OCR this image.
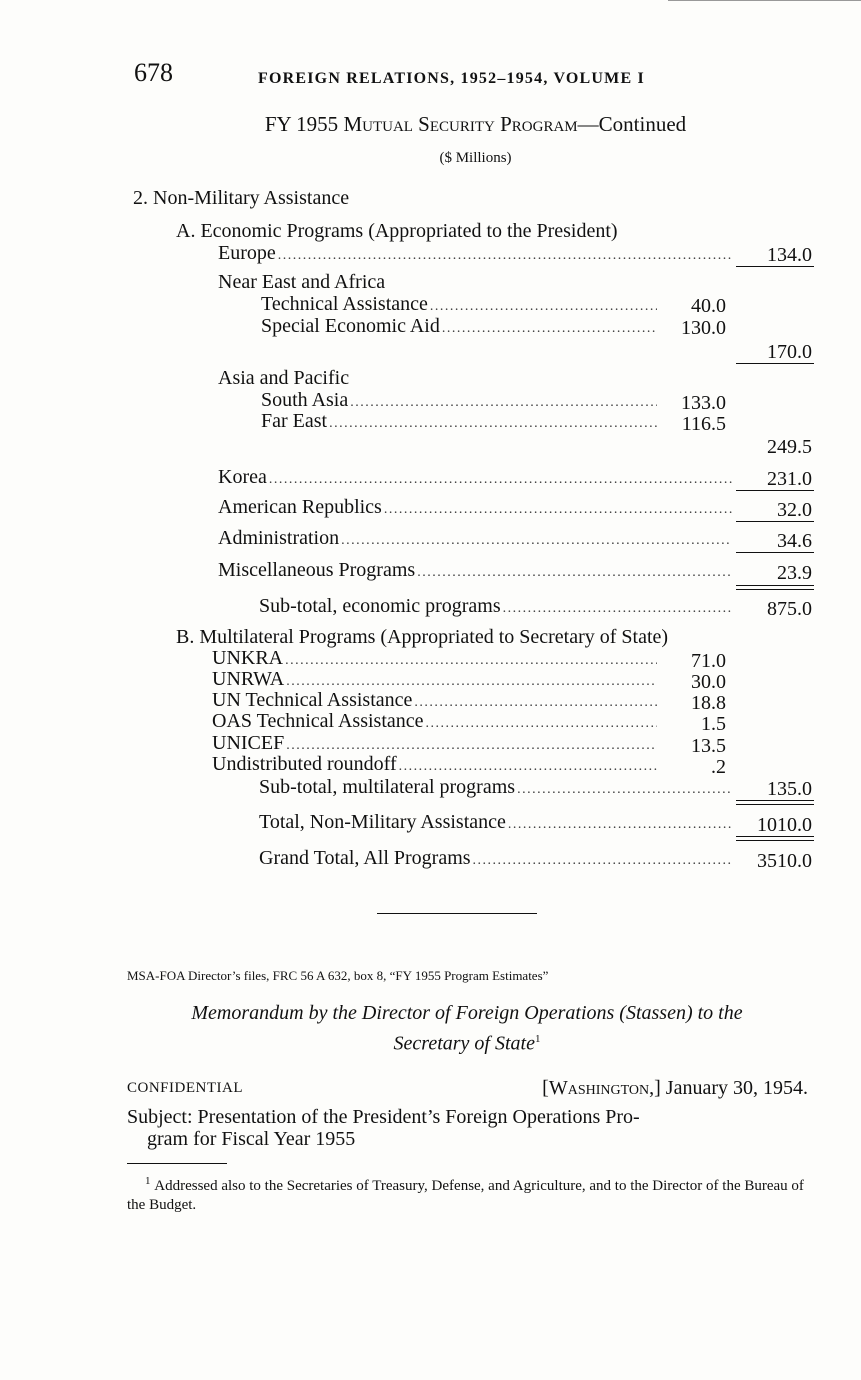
678	FOREIGN RELATIONS, 1952–1954, VOLUME I
FY 1955 Mutual Security Program—Continued
($ Millions)
2. Non-Military Assistance
A. Economic Programs (Appropriated to the President)
Europe .....	134.0
Near East and Africa
Technical Assistance .....	40.0
Special Economic Aid .....	130.0
170.0
Asia and Pacific
South Asia .....	133.0
Far East .....	116.5
249.5
Korea .....	231.0
American Republics .....	32.0
Administration .....	34.6
Miscellaneous Programs .....	23.9
Sub-total, economic programs .....	875.0
B. Multilateral Programs (Appropriated to Secretary of State)
UNKRA .....	71.0
UNRWA .....	30.0
UN Technical Assistance .....	18.8
OAS Technical Assistance .....	1.5
UNICEF .....	13.5
Undistributed roundoff .....	.2
Sub-total, multilateral programs .....	135.0
Total, Non-Military Assistance .....	1010.0
Grand Total, All Programs .....	3510.0
MSA-FOA Director’s files, FRC 56 A 632, box 8, “FY 1955 Program Estimates”
Memorandum by the Director of Foreign Operations (Stassen) to the
Secretary of State$^1$
CONFIDENTIAL	[Washington,] January 30, 1954.
Subject: Presentation of the President’s Foreign Operations Pro-
gram for Fiscal Year 1955
$^1$ Addressed also to the Secretaries of Treasury, Defense, and Agriculture, and to the Director of the Bureau of the Budget.
